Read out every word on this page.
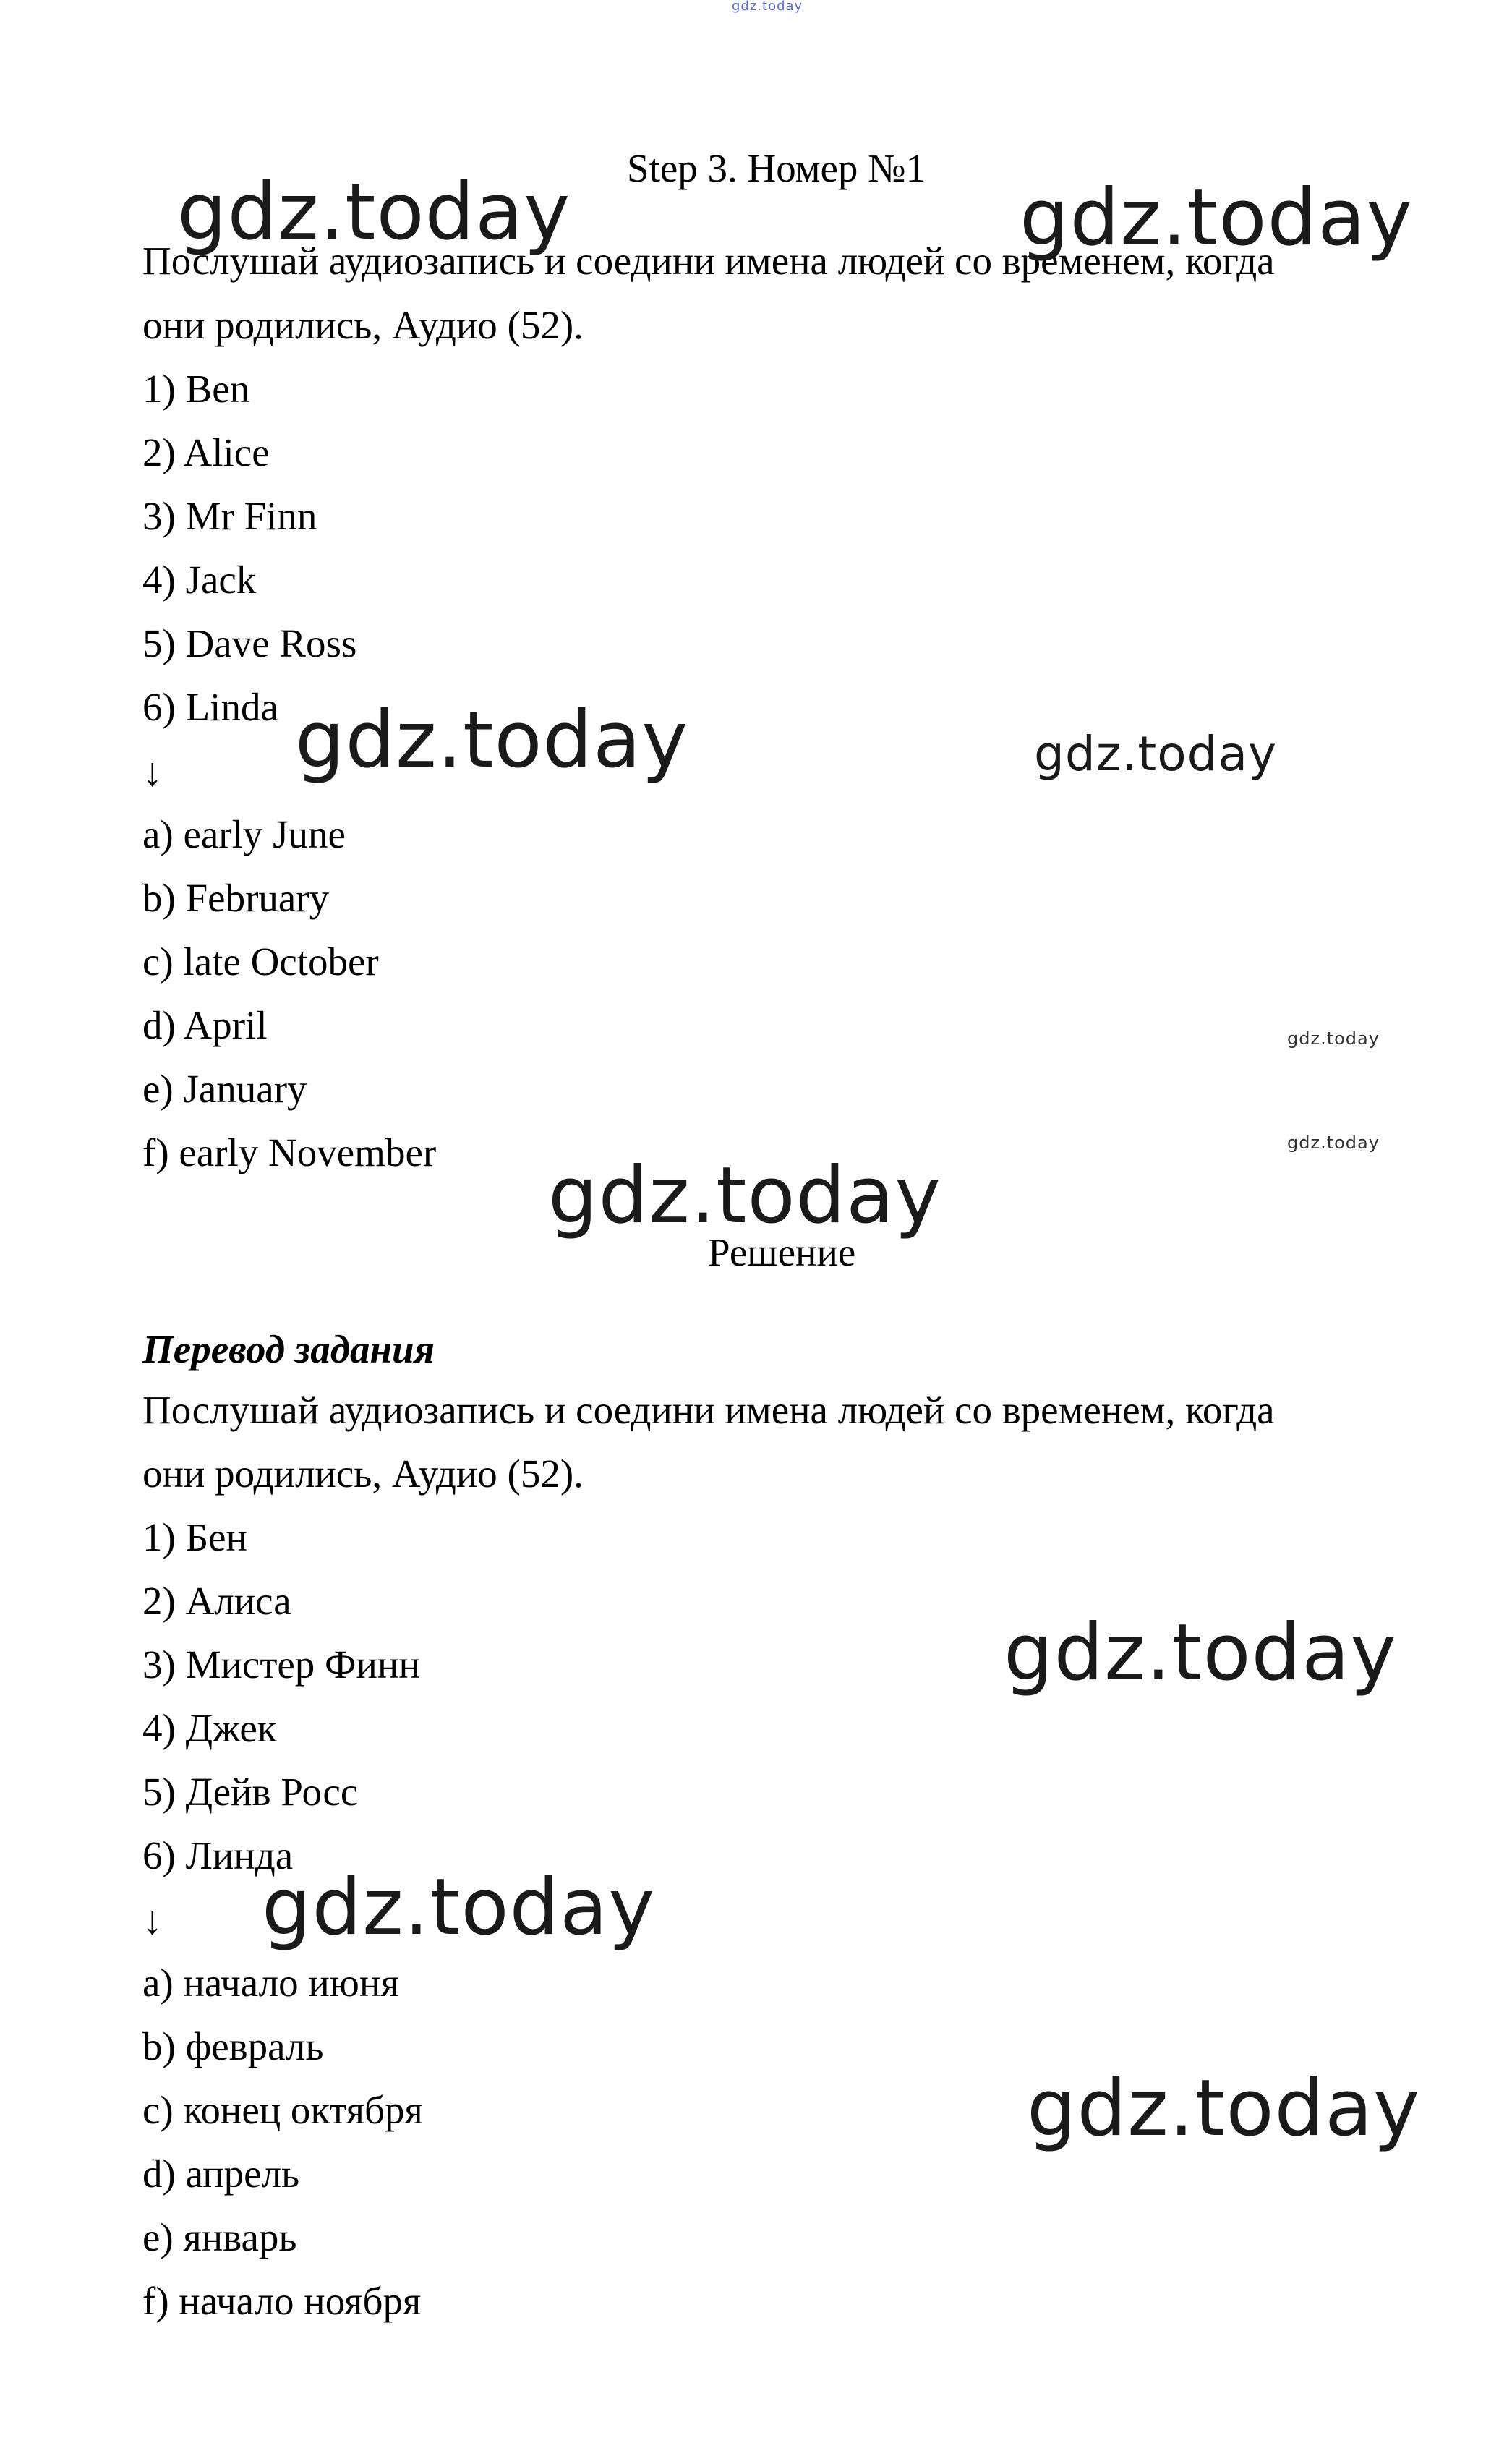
gdz.today
Step 3. Номер №1
Послушай аудиозапись и соедини имена людей со временем, когда
они родились, Аудио (52).
1) Ben
2) Alice
3) Mr Finn
4) Jack
5) Dave Ross
6) Linda
↓
a) early June
b) February
c) late October
d) April
e) January
f) early November
Решение
Перевод задания
Послушай аудиозапись и соедини имена людей со временем, когда
они родились, Аудио (52).
1) Бен
2) Алиса
3) Мистер Финн
4) Джек
5) Дейв Росс
6) Линда
↓
a) начало июня
b) февраль
c) конец октября
d) апрель
e) январь
f) начало ноября
gdz.today	gdz.today
gdz.today	gdz.today
gdz.today
gdz.today
gdz.today
gdz.today
gdz.today
gdz.today
